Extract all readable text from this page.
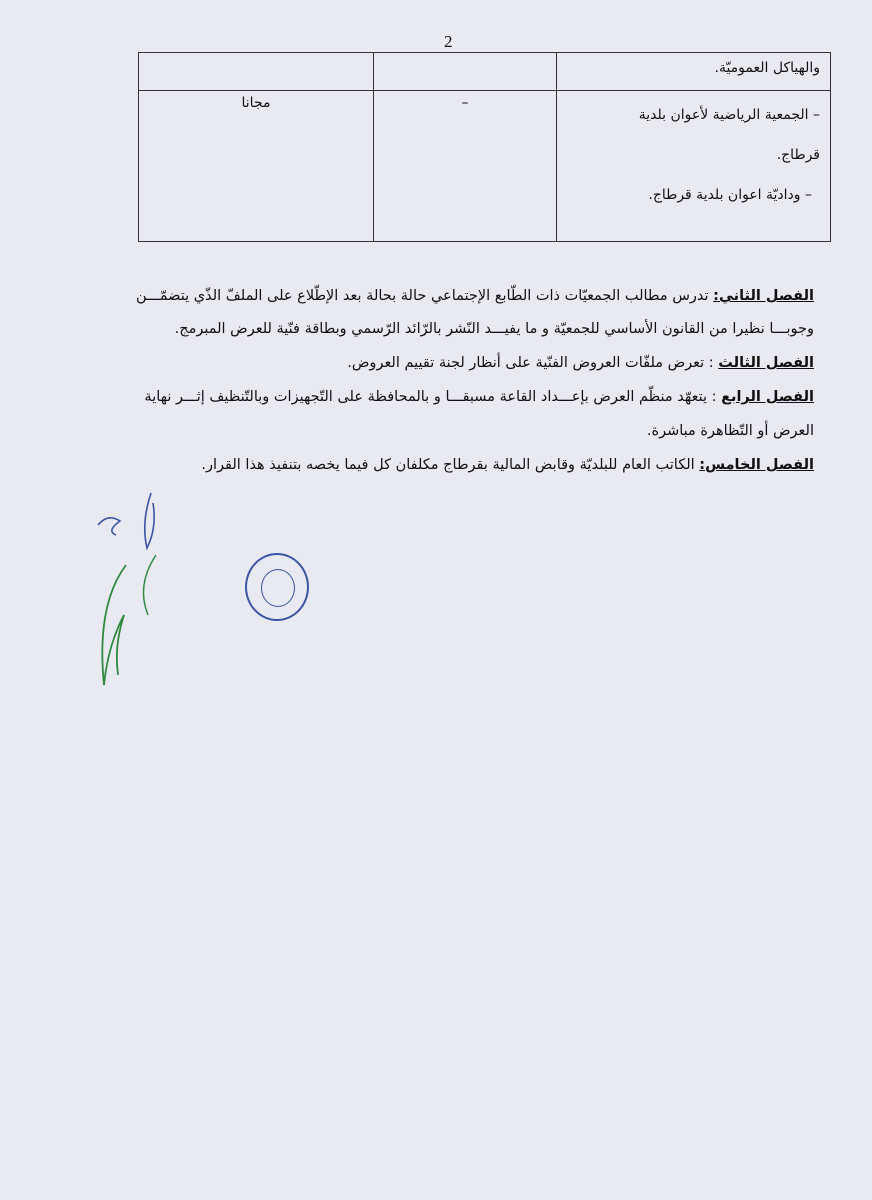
2
والهياكل العموميّة.		

– الجمعية الرياضية لأعوان بلدية
قرطاج.
– وداديّة اعوان بلدية قرطاج.	–	مجانا

الفصل الثاني: تدرس مطالب الجمعيّات ذات الطّابع الإجتماعي حالة بحالة بعد الإطّلاع على الملفّ الذّي يتضمّـــن وجوبـــا نظيرا من القانون الأساسي للجمعيّة و ما يفيـــد النّشر بالرّائد الرّسمي وبطاقة فنّية للعرض المبرمج.

الفصل الثالث : تعرض ملفّات العروض الفنّية على أنظار لجنة تقييم العروض.

الفصل الرابع : يتعهّد منظّم العرض بإعـــداد القاعة مسبقـــا و بالمحافظة على التّجهيزات وبالتّنظيف إثـــر نهاية العرض أو التّظاهرة مباشرة.

الفصل الخامس: الكاتب العام للبلديّة وقابض المالية بقرطاج مكلفان كل فيما يخصه بتنفيذ هذا القرار.
